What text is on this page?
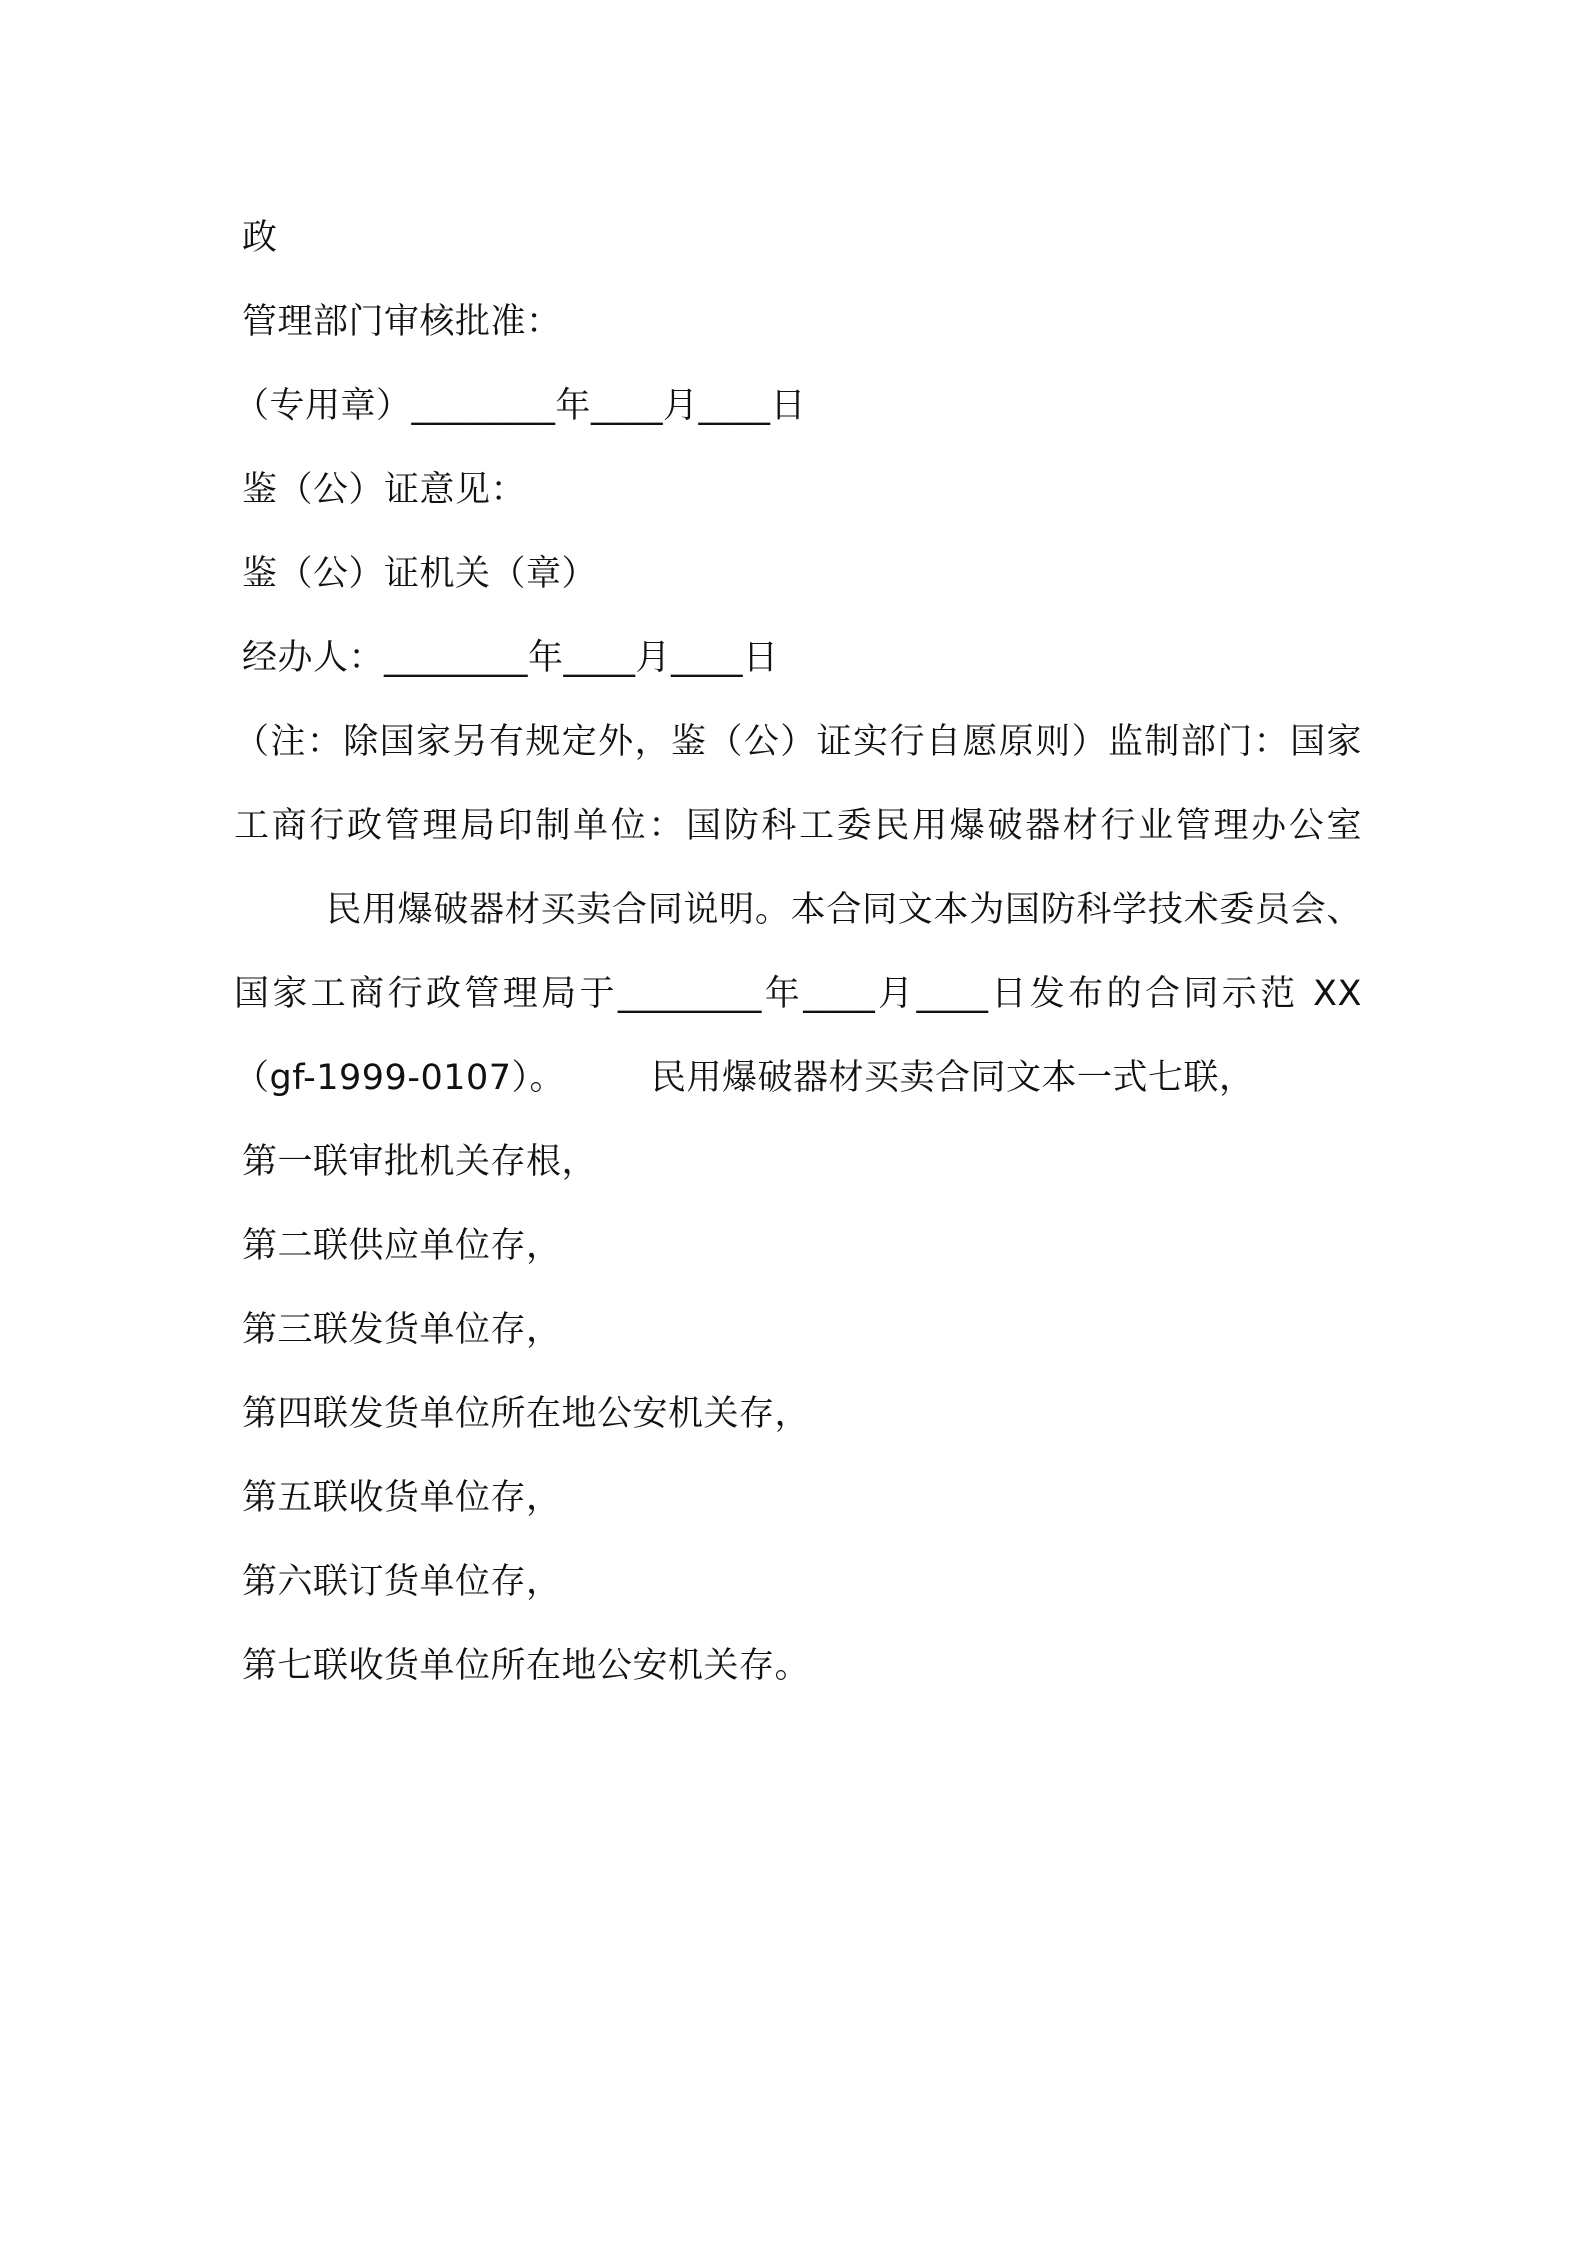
政
管理部门审核批准：
（专用章）________年____月____日
鉴（公）证意见：
鉴（公）证机关（章）
经办人：________年____月____日
（注：除国家另有规定外，鉴（公）证实行自愿原则）监制部门：国家工商行政管理局印制单位：国防科工委民用爆破器材行业管理办公室民用爆破器材买卖合同说明。本合同文本为国防科学技术委员会、国家工商行政管理局于________年____月____日发布的合同示范 XX（gf-1999-0107）。 民用爆破器材买卖合同文本一式七联，
第一联审批机关存根，
第二联供应单位存，
第三联发货单位存，
第四联发货单位所在地公安机关存，
第五联收货单位存，
第六联订货单位存，
第七联收货单位所在地公安机关存。
